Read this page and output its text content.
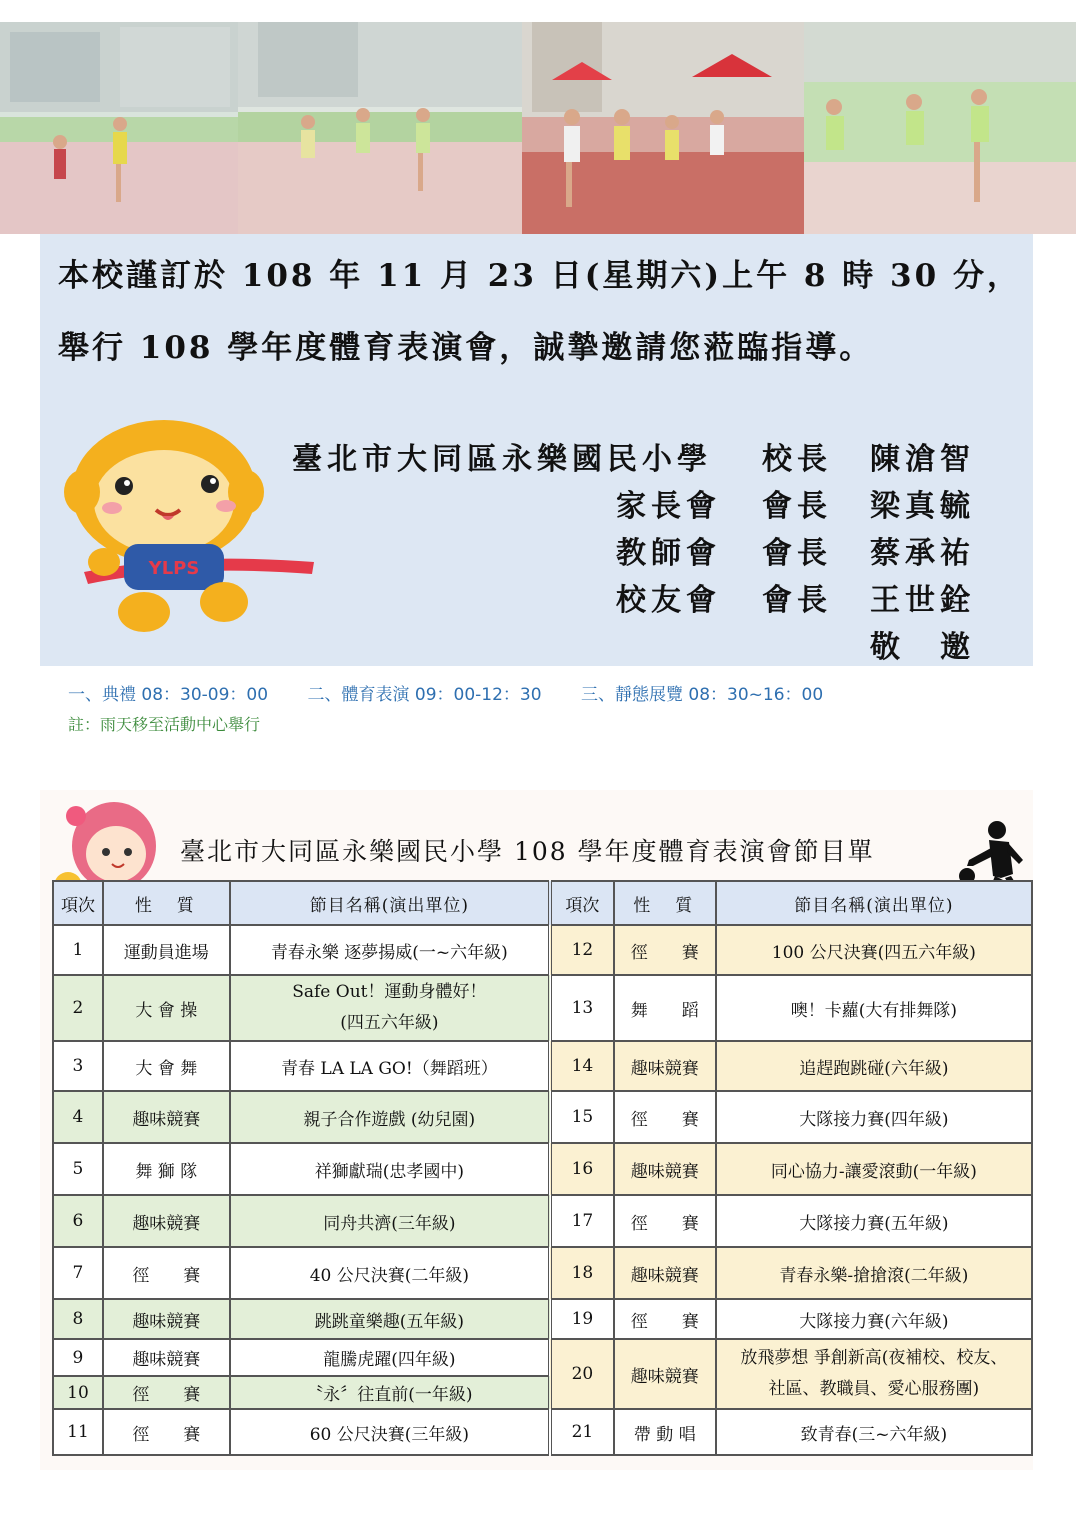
本校謹訂於 108 年 11 月 23 日(星期六)上午 8 時 30 分，
舉行 108 學年度體育表演會，誠摯邀請您蒞臨指導。
臺北市大同區永樂國民小學 校長 陳滄智
家長會 會長 梁真毓
教師會 會長 蔡承祐
校友會 會長 王世銓
敬　邀
YLPS
一、典禮 08：30-09：00 二、體育表演 09：00-12：30 三、靜態展覽 08：30~16：00
註：雨天移至活動中心舉行
臺北市大同區永樂國民小學 108 學年度體育表演會節目單
項次	性　質	節目名稱(演出單位)	項次	性　質	節目名稱(演出單位)
1	運動員進場	青春永樂 逐夢揚威(一~六年級)	12	徑　　賽	100 公尺決賽(四五六年級)
2	大 會 操	Safe Out！運動身體好！
(四五六年級)	13	舞　　蹈	噢！卡蘿(大有排舞隊)
3	大 會 舞	青春 LA LA GO!（舞蹈班）	14	趣味競賽	追趕跑跳碰(六年級)
4	趣味競賽	親子合作遊戲 (幼兒園)	15	徑　　賽	大隊接力賽(四年級)
5	舞 獅 隊	祥獅獻瑞(忠孝國中)	16	趣味競賽	同心協力-讓愛滾動(一年級)
6	趣味競賽	同舟共濟(三年級)	17	徑　　賽	大隊接力賽(五年級)
7	徑　　賽	40 公尺決賽(二年級)	18	趣味競賽	青春永樂-搶搶滾(二年級)
8	趣味競賽	跳跳童樂趣(五年級)	19	徑　　賽	大隊接力賽(六年級)
9	趣味競賽	龍騰虎躍(四年級)	20	趣味競賽	放飛夢想 爭創新高(夜補校、校友、
社區、教職員、愛心服務團)

10	徑　　賽	〝永〞往直前(一年級)			
11	徑　　賽	60 公尺決賽(三年級)	21	帶 動 唱	致青春(三~六年級)
